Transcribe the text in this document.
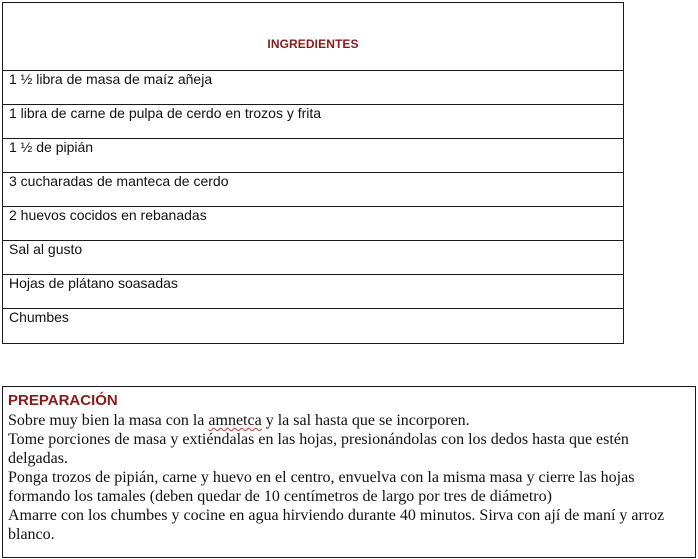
INGREDIENTES
1 ½ libra de masa de maíz añeja
1 libra de carne de pulpa de cerdo en trozos y frita
1 ½ de pipián
3 cucharadas de manteca de cerdo
2 huevos cocidos en rebanadas
Sal al gusto
Hojas de plátano soasadas
Chumbes

PREPARACIÓN

Sobre muy bien la masa con la amnetca y la sal hasta que se incorporen.

Tome porciones de masa y extiéndalas en las hojas, presionándolas con los dedos hasta que estén delgadas.

Ponga trozos de pipián, carne y huevo en el centro, envuelva con la misma masa y cierre las hojas formando los tamales (deben quedar de 10 centímetros de largo por tres de diámetro)

Amarre con los chumbes y cocine en agua hirviendo durante 40 minutos. Sirva con ají de maní y arroz blanco.
